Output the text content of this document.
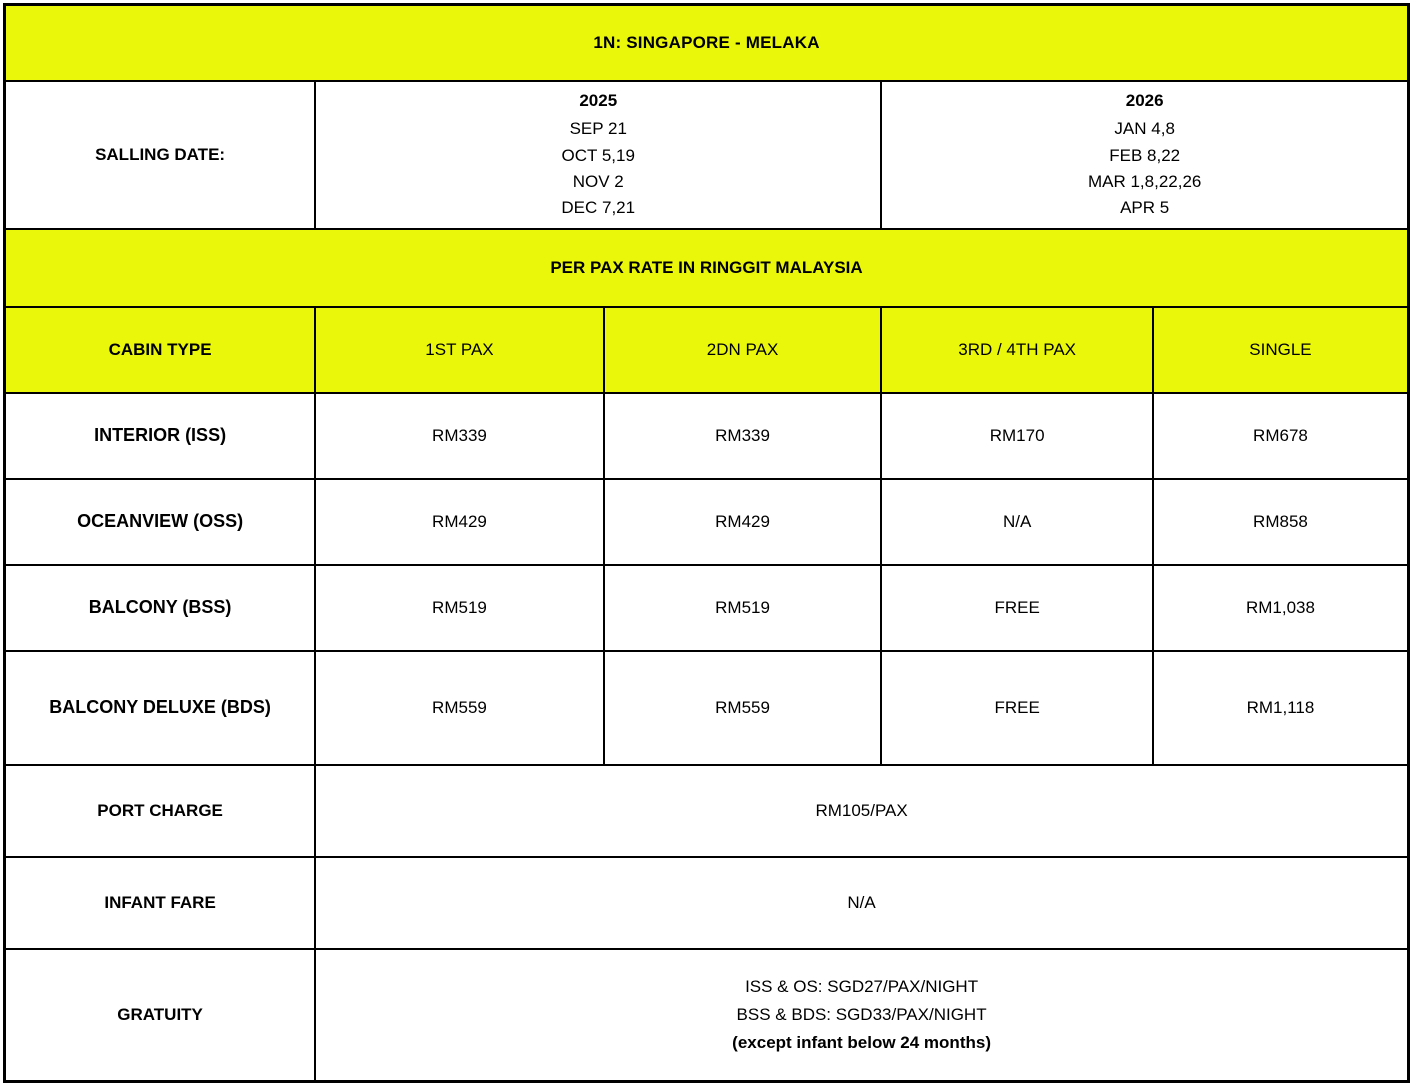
1N: SINGAPORE - MELAKA				
SALLING DATE:	2025
SEP 21
OCT 5,19
NOV 2
DEC 7,21		2026
JAN 4,8
FEB 8,22
MAR 1,8,22,26
APR 5	
PER PAX RATE IN RINGGIT MALAYSIA				
CABIN TYPE	1ST PAX	2DN PAX	3RD / 4TH PAX	SINGLE
INTERIOR (ISS)	RM339	RM339	RM170	RM678
OCEANVIEW (OSS)	RM429	RM429	N/A	RM858
BALCONY (BSS)	RM519	RM519	FREE	RM1,038
BALCONY DELUXE (BDS)	RM559	RM559	FREE	RM1,118
PORT CHARGE	RM105/PAX			
INFANT FARE	N/A			
GRATUITY	ISS & OS: SGD27/PAX/NIGHT
BSS & BDS: SGD33/PAX/NIGHT
(except infant below 24 months)			
